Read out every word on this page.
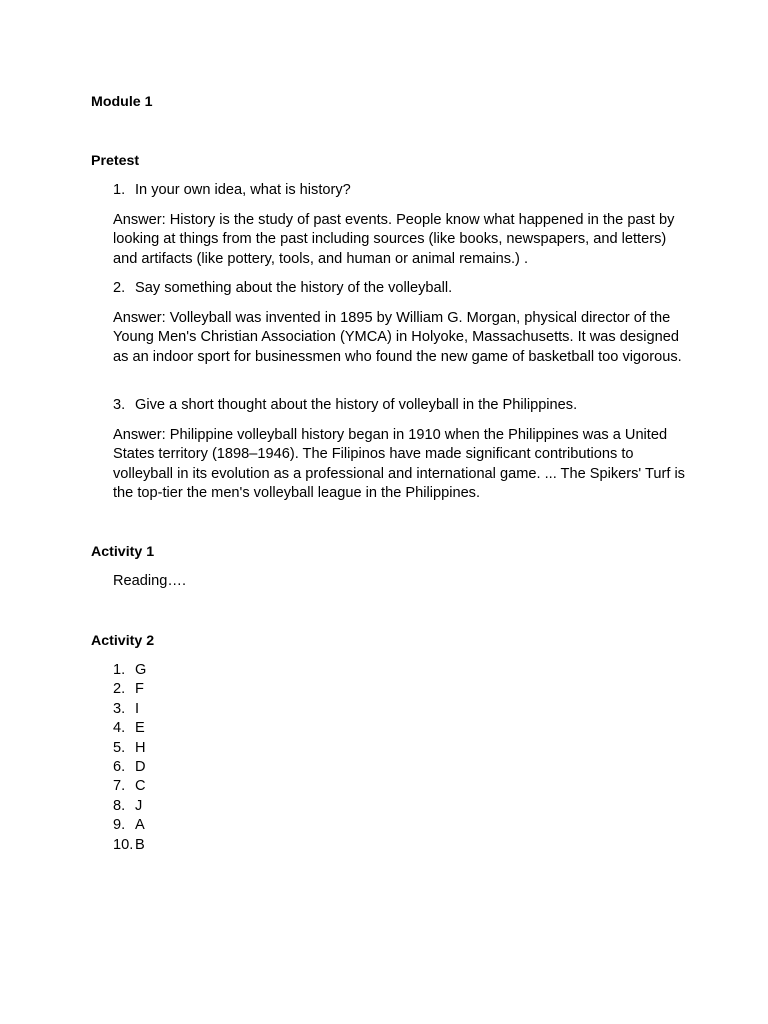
Module 1
Pretest
1. In your own idea, what is history?
Answer: History is the study of past events. People know what happened in the past by looking at things from the past including sources (like books, newspapers, and letters) and artifacts (like pottery, tools, and human or animal remains.) .
2. Say something about the history of the volleyball.
Answer: Volleyball was invented in 1895 by William G. Morgan, physical director of the Young Men's Christian Association (YMCA) in Holyoke, Massachusetts. It was designed as an indoor sport for businessmen who found the new game of basketball too vigorous.
3. Give a short thought about the history of volleyball in the Philippines.
Answer: Philippine volleyball history began in 1910 when the Philippines was a United States territory (1898–1946). The Filipinos have made significant contributions to volleyball in its evolution as a professional and international game. ... The Spikers' Turf is the top-tier the men's volleyball league in the Philippines.
Activity 1
Reading….
Activity 2
1. G
2. F
3. I
4. E
5. H
6. D
7. C
8. J
9. A
10. B
